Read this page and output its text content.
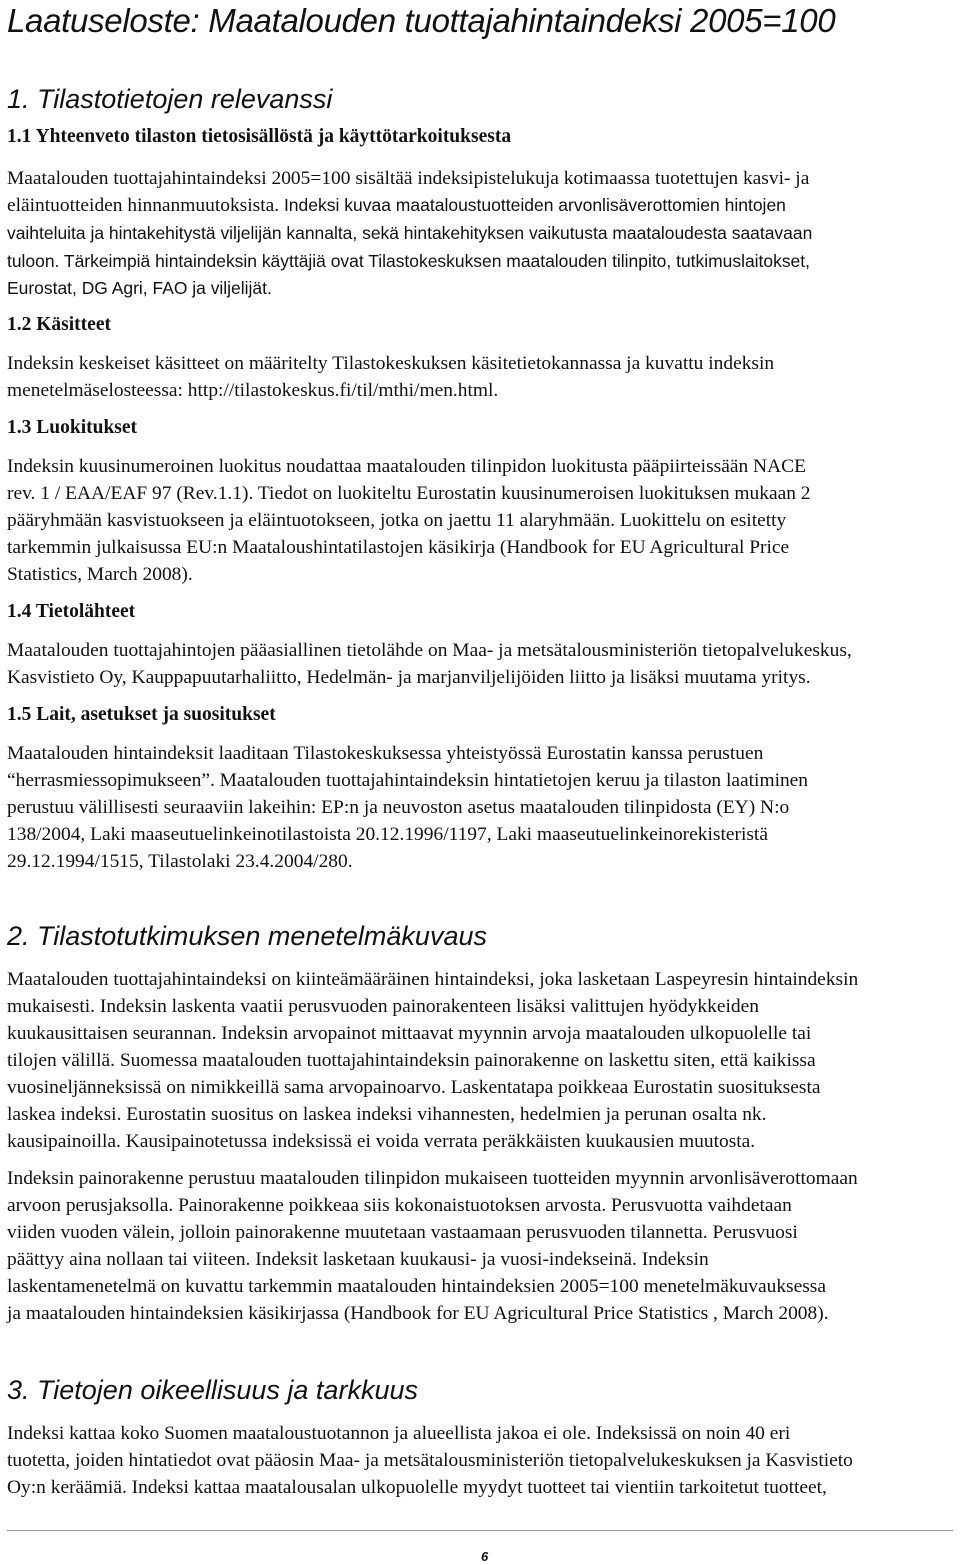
Laatuseloste: Maatalouden tuottajahintaindeksi 2005=100
1. Tilastotietojen relevanssi
1.1 Yhteenveto tilaston tietosisällöstä ja käyttötarkoituksesta
Maatalouden tuottajahintaindeksi 2005=100 sisältää indeksipistelukuja kotimaassa tuotettujen kasvi- ja
eläintuotteiden hinnanmuutoksista. Indeksi kuvaa maataloustuotteiden arvonlisäverottomien hintojen
vaihteluita ja hintakehitystä viljelijän kannalta, sekä hintakehityksen vaikutusta maataloudesta saatavaan
tuloon. Tärkeimpiä hintaindeksin käyttäjiä ovat Tilastokeskuksen maatalouden tilinpito, tutkimuslaitokset,
Eurostat, DG Agri, FAO ja viljelijät.
1.2 Käsitteet
Indeksin keskeiset käsitteet on määritelty Tilastokeskuksen käsitetietokannassa ja kuvattu indeksin
menetelmäselosteessa: http://tilastokeskus.fi/til/mthi/men.html.
1.3 Luokitukset
Indeksin kuusinumeroinen luokitus noudattaa maatalouden tilinpidon luokitusta pääpiirteissään NACE
rev. 1 / EAA/EAF 97 (Rev.1.1). Tiedot on luokiteltu Eurostatin kuusinumeroisen luokituksen mukaan 2
pääryhmään kasvistuokseen ja eläintuotokseen, jotka on jaettu 11 alaryhmään. Luokittelu on esitetty
tarkemmin julkaisussa EU:n Maataloushintatilastojen käsikirja (Handbook for EU Agricultural Price
Statistics, March 2008).
1.4 Tietolähteet
Maatalouden tuottajahintojen pääasiallinen tietolähde on Maa- ja metsätalousministeriön tietopalvelukeskus,
Kasvistieto Oy, Kauppapuutarhaliitto, Hedelmän- ja marjanviljelijöiden liitto ja lisäksi muutama yritys.
1.5 Lait, asetukset ja suositukset
Maatalouden hintaindeksit laaditaan Tilastokeskuksessa yhteistyössä Eurostatin kanssa perustuen
“herrasmiessopimukseen”. Maatalouden tuottajahintaindeksin hintatietojen keruu ja tilaston laatiminen
perustuu välillisesti seuraaviin lakeihin: EP:n ja neuvoston asetus maatalouden tilinpidosta (EY) N:o
138/2004, Laki maaseutuelinkeinotilastoista 20.12.1996/1197, Laki maaseutuelinkeinorekisteristä
29.12.1994/1515, Tilastolaki 23.4.2004/280.
2. Tilastotutkimuksen menetelmäkuvaus
Maatalouden tuottajahintaindeksi on kiinteämääräinen hintaindeksi, joka lasketaan Laspeyresin hintaindeksin
mukaisesti. Indeksin laskenta vaatii perusvuoden painorakenteen lisäksi valittujen hyödykkeiden
kuukausittaisen seurannan. Indeksin arvopainot mittaavat myynnin arvoja maatalouden ulkopuolelle tai
tilojen välillä. Suomessa maatalouden tuottajahintaindeksin painorakenne on laskettu siten, että kaikissa
vuosineljänneksissä on nimikkeillä sama arvopainoarvo. Laskentatapa poikkeaa Eurostatin suosituksesta
laskea indeksi. Eurostatin suositus on laskea indeksi vihannesten, hedelmien ja perunan osalta nk.
kausipainoilla. Kausipainotetussa indeksissä ei voida verrata peräkkäisten kuukausien muutosta.
Indeksin painorakenne perustuu maatalouden tilinpidon mukaiseen tuotteiden myynnin arvonlisäverottomaan
arvoon perusjaksolla. Painorakenne poikkeaa siis kokonaistuotoksen arvosta. Perusvuotta vaihdetaan
viiden vuoden välein, jolloin painorakenne muutetaan vastaamaan perusvuoden tilannetta. Perusvuosi
päättyy aina nollaan tai viiteen. Indeksit lasketaan kuukausi- ja vuosi-indekseinä. Indeksin
laskentamenetelmä on kuvattu tarkemmin maatalouden hintaindeksien 2005=100 menetelmäkuvauksessa
ja maatalouden hintaindeksien käsikirjassa (Handbook for EU Agricultural Price Statistics , March 2008).
3. Tietojen oikeellisuus ja tarkkuus
Indeksi kattaa koko Suomen maataloustuotannon ja alueellista jakoa ei ole. Indeksissä on noin 40 eri
tuotetta, joiden hintatiedot ovat pääosin Maa- ja metsätalousministeriön tietopalvelukeskuksen ja Kasvistieto
Oy:n keräämiä. Indeksi kattaa maatalousalan ulkopuolelle myydyt tuotteet tai vientiin tarkoitetut tuotteet,
6
